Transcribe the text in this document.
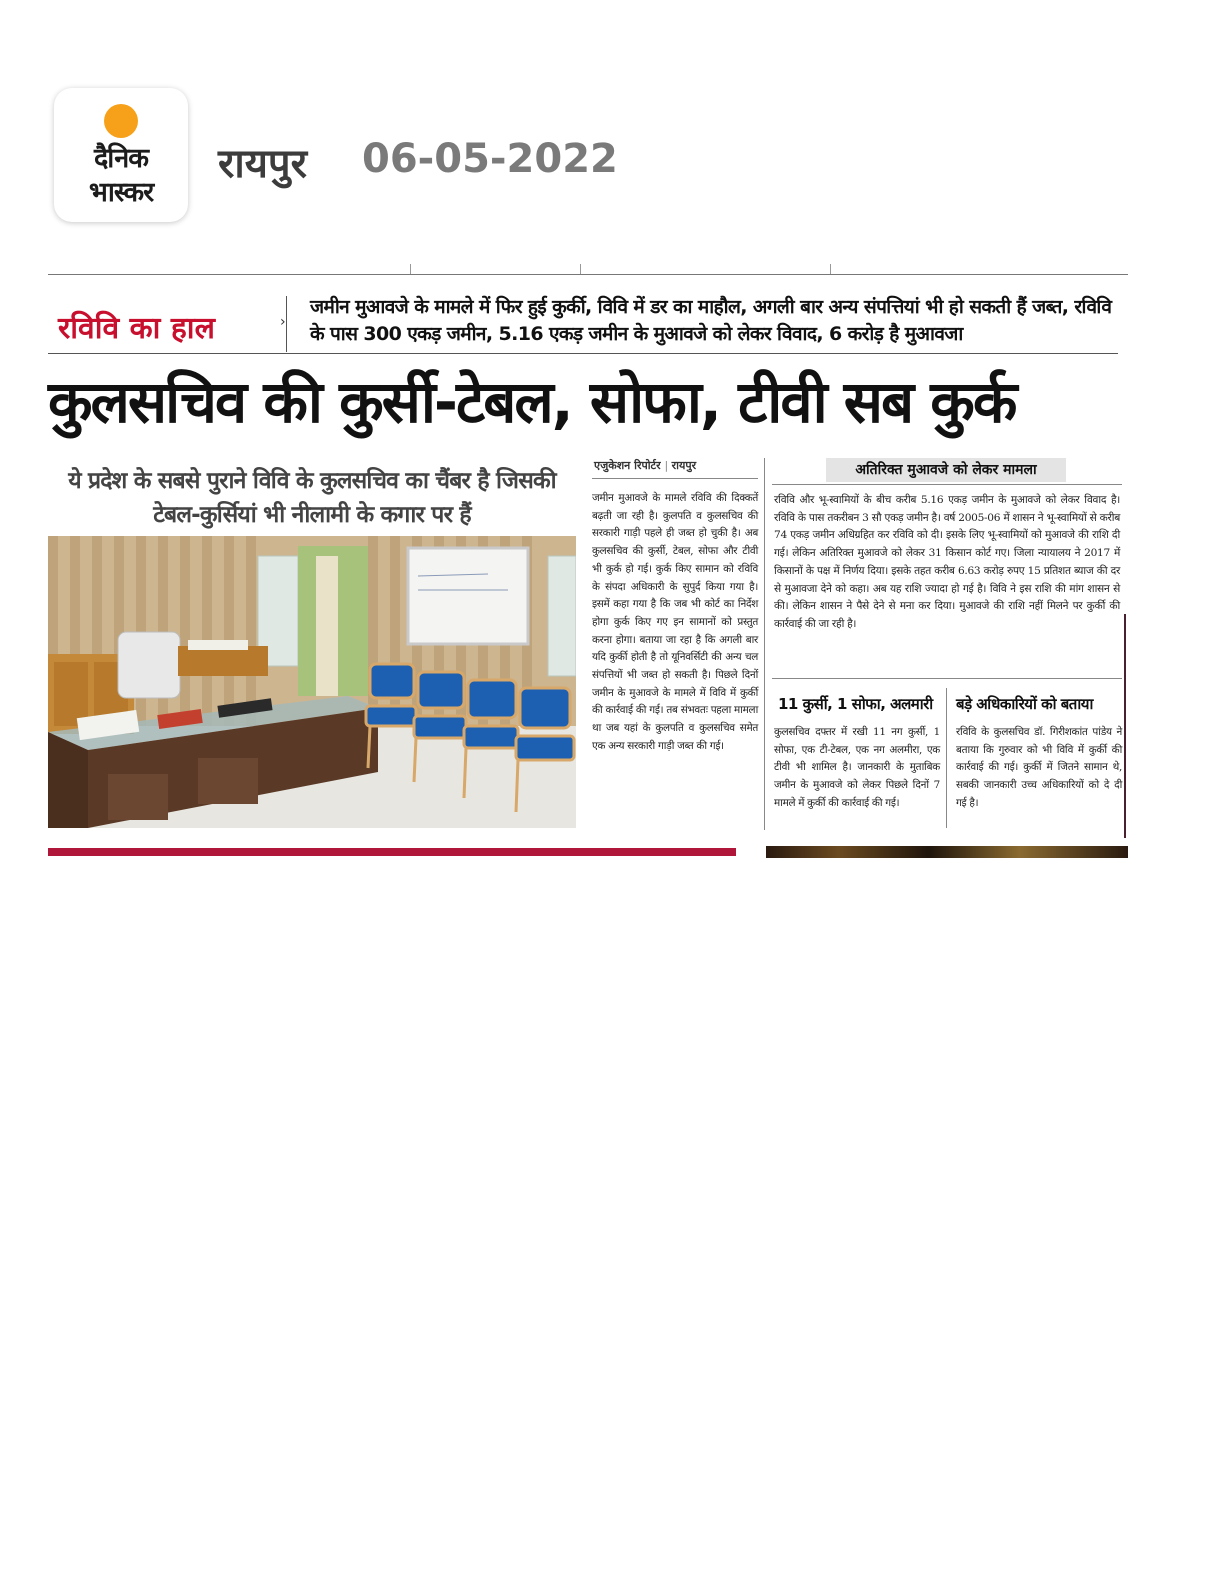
दैनिक
भास्कर
रायपुर 06-05-2022
रविवि का हाल	›
जमीन मुआवजे के मामले में फिर हुई कुर्की, विवि में डर का माहौल, अगली बार अन्य संपत्तियां भी हो सकती हैं जब्त, रविवि के पास 300 एकड़ जमीन, 5.16 एकड़ जमीन के मुआवजे को लेकर विवाद, 6 करोड़ है मुआवजा
कुलसचिव की कुर्सी-टेबल, सोफा, टीवी सब कुर्क
ये प्रदेश के सबसे पुराने विवि के कुलसचिव का चैंबर है जिसकी टेबल-कुर्सियां भी नीलामी के कगार पर हैं
एजुकेशन रिपोर्टर | रायपुर
जमीन मुआवजे के मामले रविवि की दिक्कतें बढ़ती जा रही है। कुलपति व कुलसचिव की सरकारी गाड़ी पहले ही जब्त हो चुकी है। अब कुलसचिव की कुर्सी, टेबल, सोफा और टीवी भी कुर्क हो गई। कुर्क किए सामान को रविवि के संपदा अधिकारी के सुपुर्द किया गया है। इसमें कहा गया है कि जब भी कोर्ट का निर्देश होगा कुर्क किए गए इन सामानों को प्रस्तुत करना होगा। बताया जा रहा है कि अगली बार यदि कुर्की होती है तो यूनिवर्सिटी की अन्य चल संपत्तियों भी जब्त हो सकती है। पिछले दिनों जमीन के मुआवजे के मामले में विवि में कुर्की की कार्रवाई की गई। तब संभवतः पहला मामला था जब यहां के कुलपति व कुलसचिव समेत एक अन्य सरकारी गाड़ी जब्त की गई।
अतिरिक्त मुआवजे को लेकर मामला
रविवि और भू-स्वामियों के बीच करीब 5.16 एकड़ जमीन के मुआवजे को लेकर विवाद है। रविवि के पास तकरीबन 3 सौ एकड़ जमीन है। वर्ष 2005-06 में शासन ने भू-स्वामियों से करीब 74 एकड़ जमीन अधिग्रहित कर रविवि को दी। इसके लिए भू-स्वामियों को मुआवजे की राशि दी गई। लेकिन अतिरिक्त मुआवजे को लेकर 31 किसान कोर्ट गए। जिला न्यायालय ने 2017 में किसानों के पक्ष में निर्णय दिया। इसके तहत करीब 6.63 करोड़ रुपए 15 प्रतिशत ब्याज की दर से मुआवजा देने को कहा। अब यह राशि ज्यादा हो गई है। विवि ने इस राशि की मांग शासन से की। लेकिन शासन ने पैसे देने से मना कर दिया। मुआवजे की राशि नहीं मिलने पर कुर्की की कार्रवाई की जा रही है।
11 कुर्सी, 1 सोफा, अलमारी बड़े अधिकारियों को बताया
कुलसचिव दफ्तर में रखी 11 नग कुर्सी, 1 सोफा, एक टी-टेबल, एक नग अलमीरा, एक टीवी भी शामिल है। जानकारी के मुताबिक जमीन के मुआवजे को लेकर पिछले दिनों 7 मामले में कुर्की की कार्रवाई की गई।
रविवि के कुलसचिव डॉ. गिरीशकांत पांडेय ने बताया कि गुरुवार को भी विवि में कुर्की की कार्रवाई की गई। कुर्की में जितने सामान थे, सबकी जानकारी उच्च अधिकारियों को दे दी गई है।
